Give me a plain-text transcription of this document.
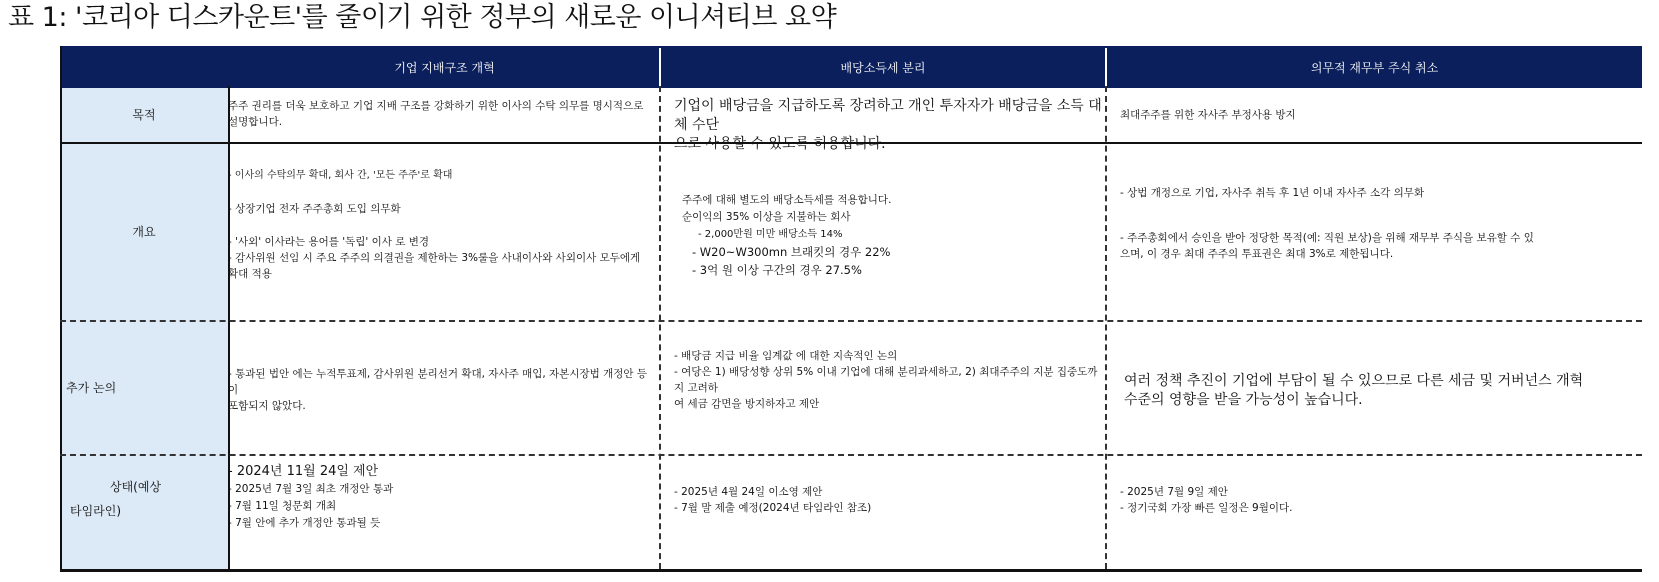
표 1: '코리아 디스카운트'를 줄이기 위한 정부의 새로운 이니셔티브 요약
기업 지배구조 개혁	배당소득세 분리	의무적 재무부 주식 취소
목적

주주 권리를 더욱 보호하고 기업 지배 구조를 강화하기 위한 이사의 수탁 의무를 명시적으로

설명합니다.

기업이 배당금을 지급하도록 장려하고 개인 투자자가 배당금을 소득 대체 수단

으로 사용할 수 있도록 허용합니다.

최대주주를 위한 자사주 부정사용 방지

개요

- 이사의 수탁의무 확대, 회사 간, '모든 주주'로 확대

- 상장기업 전자 주주총회 도입 의무화

- '사외' 이사라는 용어를 '독립' 이사 로 변경

- 감사위원 선임 시 주요 주주의 의결권을 제한하는 3%룰을 사내이사와 사외이사 모두에게

확대 적용

주주에 대해 별도의 배당소득세를 적용합니다.

순이익의 35% 이상을 지불하는 회사

- 2,000만원 미만 배당소득 14%

- W20~W300mn 브래킷의 경우 22%

- 3억 원 이상 구간의 경우 27.5%

- 상법 개정으로 기업, 자사주 취득 후 1년 이내 자사주 소각 의무화

- 주주총회에서 승인을 받아 정당한 목적(예: 직원 보상)을 위해 재무부 주식을 보유할 수 있

으며, 이 경우 최대 주주의 투표권은 최대 3%로 제한됩니다.

추가 논의

- 통과된 법안 에는 누적투표제, 감사위원 분리선거 확대, 자사주 매입, 자본시장법 개정안 등이

포함되지 않았다.

- 배당금 지급 비율 임계값 에 대한 지속적인 논의

- 여당은 1) 배당성향 상위 5% 이내 기업에 대해 분리과세하고, 2) 최대주주의 지분 집중도까지 고려하

여 세금 감면을 방지하자고 제안

여러 정책 추진이 기업에 부담이 될 수 있으므로 다른 세금 및 거버넌스 개혁

수준의 영향을 받을 가능성이 높습니다.

상태(예상
타임라인)

- 2024년 11월 24일 제안

- 2025년 7월 3일 최초 개정안 통과

- 7월 11일 청문회 개최

- 7월 안에 추가 개정안 통과될 듯

- 2025년 4월 24일 이소영 제안

- 7월 말 제출 예정(2024년 타임라인 참조)

- 2025년 7월 9일 제안

- 정기국회 가장 빠른 일정은 9월이다.
